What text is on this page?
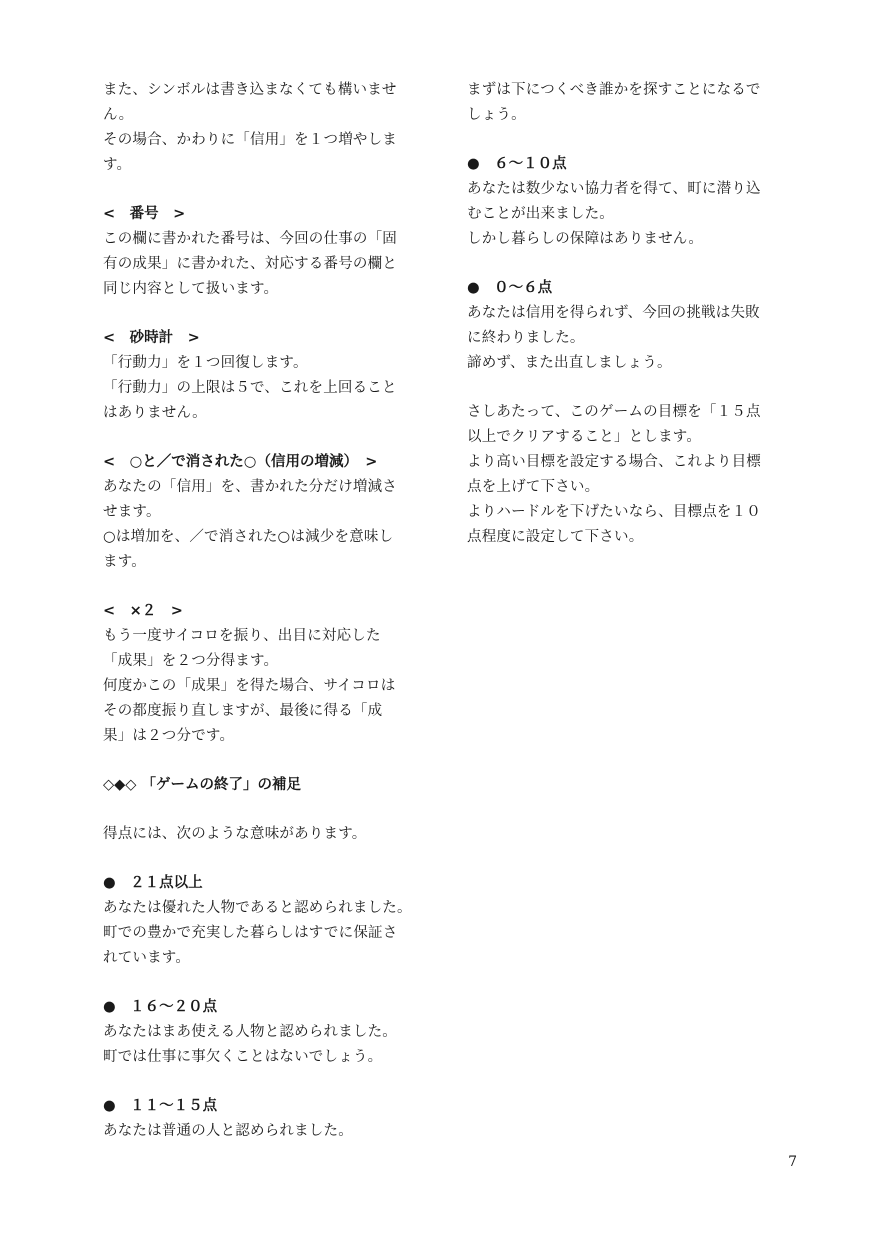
また、シンボルは書き込まなくても構いませ
ん。
その場合、かわりに「信用」を１つ増やしま
す。
<　番号　>
この欄に書かれた番号は、今回の仕事の「固
有の成果」に書かれた、対応する番号の欄と
同じ内容として扱います。
<　砂時計　>
「行動力」を１つ回復します。
「行動力」の上限は５で、これを上回ること
はありません。
<　○と／で消された○（信用の増減）　>
あなたの「信用」を、書かれた分だけ増減さ
せます。
○は増加を、／で消された○は減少を意味し
ます。
<　×２　>
もう一度サイコロを振り、出目に対応した
「成果」を２つ分得ます。
何度かこの「成果」を得た場合、サイコロは
その都度振り直しますが、最後に得る「成
果」は２つ分です。
◇◆◇ 「ゲームの終了」の補足
得点には、次のような意味があります。
●　２１点以上
あなたは優れた人物であると認められました。
町での豊かで充実した暮らしはすでに保証さ
れています。
●　１６〜２０点
あなたはまあ使える人物と認められました。
町では仕事に事欠くことはないでしょう。
●　１１〜１５点
あなたは普通の人と認められました。
まずは下につくべき誰かを探すことになるで
しょう。
●　６〜１０点
あなたは数少ない協力者を得て、町に潜り込
むことが出来ました。
しかし暮らしの保障はありません。
●　０〜６点
あなたは信用を得られず、今回の挑戦は失敗
に終わりました。
諦めず、また出直しましょう。
さしあたって、このゲームの目標を「１５点
以上でクリアすること」とします。
より高い目標を設定する場合、これより目標
点を上げて下さい。
よりハードルを下げたいなら、目標点を１０
点程度に設定して下さい。
7
